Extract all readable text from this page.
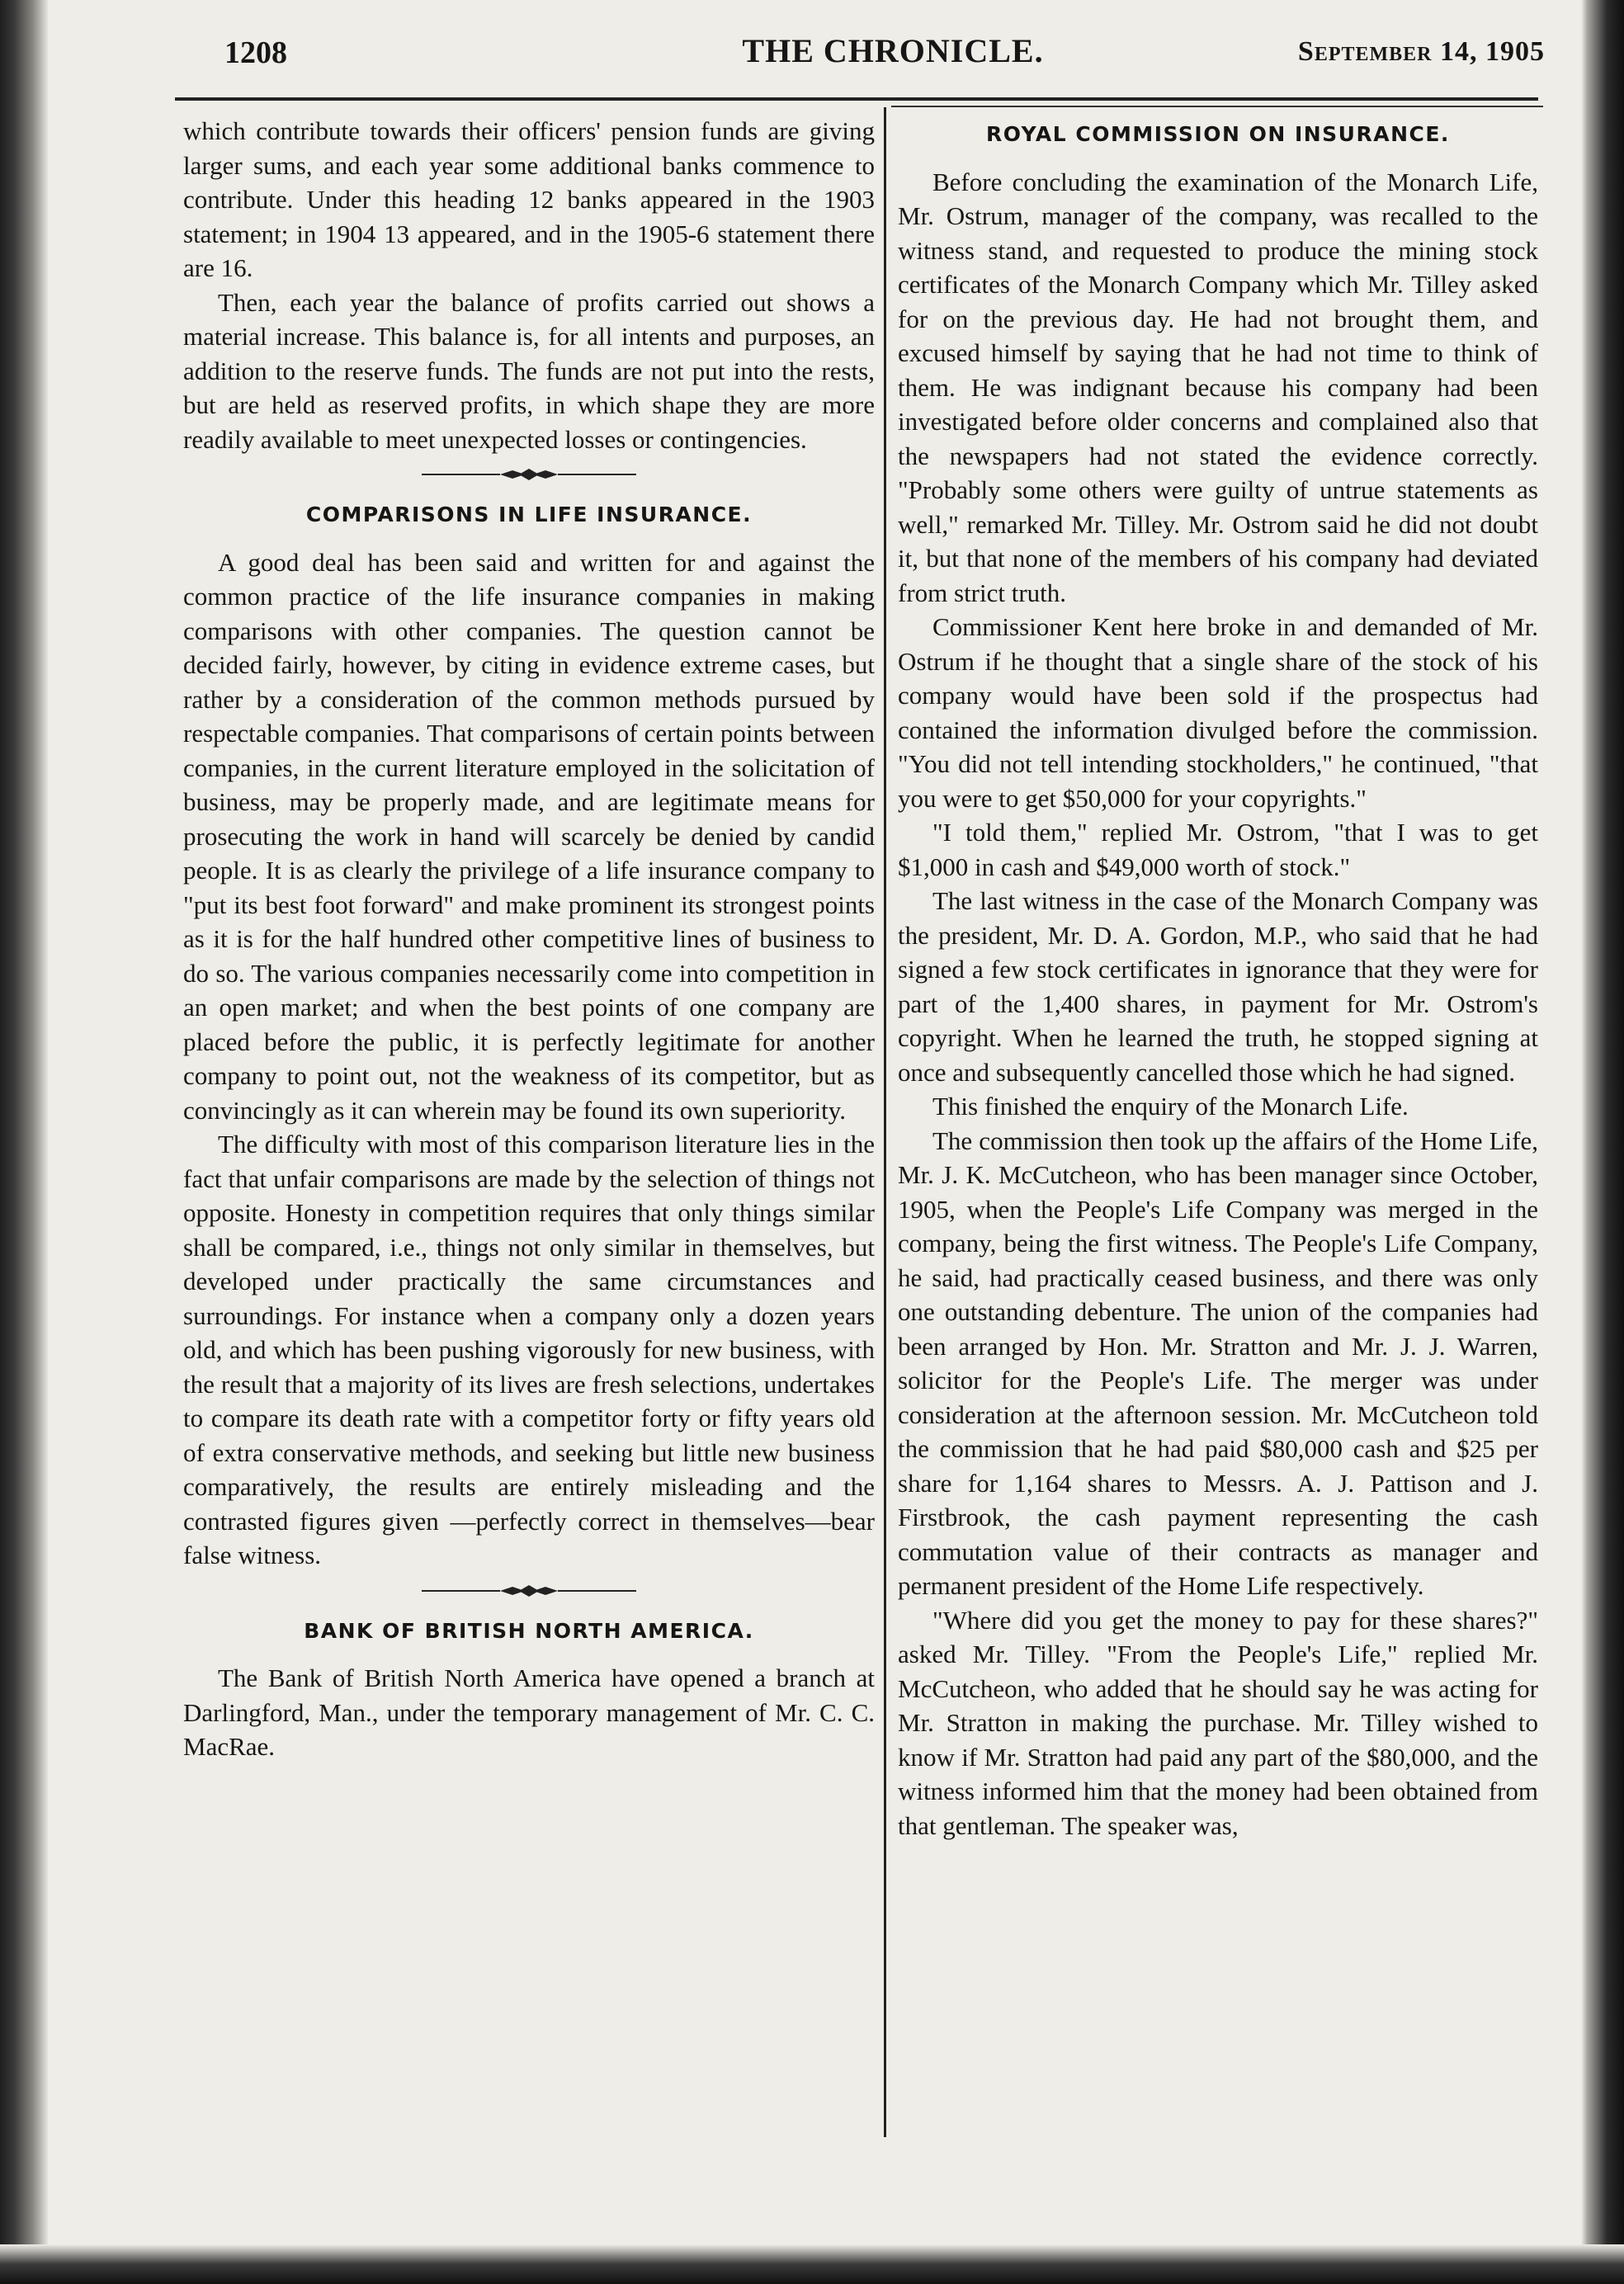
1208	THE CHRONICLE.	September 14, 1905

which contribute towards their officers' pension funds are giving larger sums, and each year some additional banks commence to contribute. Under this heading 12 banks appeared in the 1903 statement; in 1904 13 appeared, and in the 1905-6 statement there are 16.

Then, each year the balance of profits carried out shows a material increase. This balance is, for all intents and purposes, an addition to the reserve funds. The funds are not put into the rests, but are held as reserved profits, in which shape they are more readily available to meet unexpected losses or contingencies.

COMPARISONS IN LIFE INSURANCE.

A good deal has been said and written for and against the common practice of the life insurance companies in making comparisons with other companies. The question cannot be decided fairly, however, by citing in evidence extreme cases, but rather by a consideration of the common methods pursued by respectable companies. That comparisons of certain points between companies, in the current literature employed in the solicitation of business, may be properly made, and are legitimate means for prosecuting the work in hand will scarcely be denied by candid people. It is as clearly the privilege of a life insurance company to "put its best foot forward" and make prominent its strongest points as it is for the half hundred other competitive lines of business to do so. The various companies necessarily come into competition in an open market; and when the best points of one company are placed before the public, it is perfectly legitimate for another company to point out, not the weakness of its competitor, but as convincingly as it can wherein may be found its own superiority.

The difficulty with most of this comparison literature lies in the fact that unfair comparisons are made by the selection of things not opposite. Honesty in competition requires that only things similar shall be compared, i.e., things not only similar in themselves, but developed under practically the same circumstances and surroundings. For instance when a company only a dozen years old, and which has been pushing vigorously for new business, with the result that a majority of its lives are fresh selections, undertakes to compare its death rate with a competitor forty or fifty years old of extra conservative methods, and seeking but little new business comparatively, the results are entirely misleading and the contrasted figures given —perfectly correct in themselves—bear false witness.

BANK OF BRITISH NORTH AMERICA.

The Bank of British North America have opened a branch at Darlingford, Man., under the temporary management of Mr. C. C. MacRae.

ROYAL COMMISSION ON INSURANCE.

Before concluding the examination of the Monarch Life, Mr. Ostrum, manager of the company, was recalled to the witness stand, and requested to produce the mining stock certificates of the Monarch Company which Mr. Tilley asked for on the previous day. He had not brought them, and excused himself by saying that he had not time to think of them. He was indignant because his company had been investigated before older concerns and complained also that the newspapers had not stated the evidence correctly. "Probably some others were guilty of untrue statements as well," remarked Mr. Tilley. Mr. Ostrom said he did not doubt it, but that none of the members of his company had deviated from strict truth.

Commissioner Kent here broke in and demanded of Mr. Ostrum if he thought that a single share of the stock of his company would have been sold if the prospectus had contained the information divulged before the commission. "You did not tell intending stockholders," he continued, "that you were to get $50,000 for your copyrights."

"I told them," replied Mr. Ostrom, "that I was to get $1,000 in cash and $49,000 worth of stock."

The last witness in the case of the Monarch Company was the president, Mr. D. A. Gordon, M.P., who said that he had signed a few stock certificates in ignorance that they were for part of the 1,400 shares, in payment for Mr. Ostrom's copyright. When he learned the truth, he stopped signing at once and subsequently cancelled those which he had signed.

This finished the enquiry of the Monarch Life.

The commission then took up the affairs of the Home Life, Mr. J. K. McCutcheon, who has been manager since October, 1905, when the People's Life Company was merged in the company, being the first witness. The People's Life Company, he said, had practically ceased business, and there was only one outstanding debenture. The union of the companies had been arranged by Hon. Mr. Stratton and Mr. J. J. Warren, solicitor for the People's Life. The merger was under consideration at the afternoon session. Mr. McCutcheon told the commission that he had paid $80,000 cash and $25 per share for 1,164 shares to Messrs. A. J. Pattison and J. Firstbrook, the cash payment representing the cash commutation value of their contracts as manager and permanent president of the Home Life respectively.

"Where did you get the money to pay for these shares?" asked Mr. Tilley. "From the People's Life," replied Mr. McCutcheon, who added that he should say he was acting for Mr. Stratton in making the purchase. Mr. Tilley wished to know if Mr. Stratton had paid any part of the $80,000, and the witness informed him that the money had been obtained from that gentleman. The speaker was,
